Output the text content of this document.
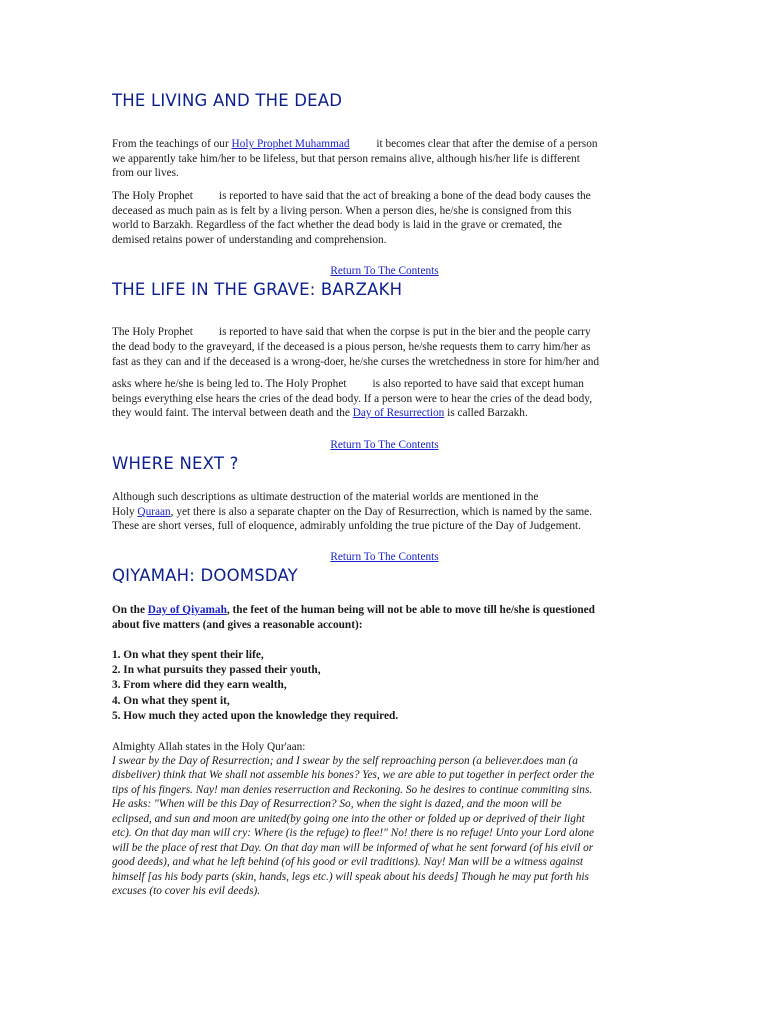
THE LIVING AND THE DEAD

From the teachings of our Holy Prophet Muhammad it becomes clear that after the demise of a person

we apparently take him/her to be lifeless, but that person remains alive, although his/her life is different

from our lives.

The Holy Prophet is reported to have said that the act of breaking a bone of the dead body causes the

deceased as much pain as is felt by a living person. When a person dies, he/she is consigned from this

world to Barzakh. Regardless of the fact whether the dead body is laid in the grave or cremated, the

demised retains power of understanding and comprehension.

Return To The Contents
THE LIFE IN THE GRAVE: BARZAKH

The Holy Prophet is reported to have said that when the corpse is put in the bier and the people carry

the dead body to the graveyard, if the deceased is a pious person, he/she requests them to carry him/her as

fast as they can and if the deceased is a wrong-doer, he/she curses the wretchedness in store for him/her and

asks where he/she is being led to. The Holy Prophet is also reported to have said that except human

beings everything else hears the cries of the dead body. If a person were to hear the cries of the dead body,

they would faint. The interval between death and the Day of Resurrection is called Barzakh.

Return To The Contents
WHERE NEXT ?

Although such descriptions as ultimate destruction of the material worlds are mentioned in the

Holy Quraan, yet there is also a separate chapter on the Day of Resurrection, which is named by the same.

These are short verses, full of eloquence, admirably unfolding the true picture of the Day of Judgement.

Return To The Contents
QIYAMAH: DOOMSDAY

On the Day of Qiyamah, the feet of the human being will not be able to move till he/she is questioned

about five matters (and gives a reasonable account):

1. On what they spent their life,
2. In what pursuits they passed their youth,
3. From where did they earn wealth,
4. On what they spent it,
5. How much they acted upon the knowledge they required.

Almighty Allah states in the Holy Qur'aan:

I swear by the Day of Resurrection; and I swear by the self reproaching person (a believer.does man (a

disbeliver) think that We shall not assemble his bones? Yes, we are able to put together in perfect order the

tips of his fingers. Nay! man denies reserruction and Reckoning. So he desires to continue commiting sins.

He asks: "When will be this Day of Resurrection? So, when the sight is dazed, and the moon will be

eclipsed, and sun and moon are united(by going one into the other or folded up or deprived of their light

etc). On that day man will cry: Where (is the refuge) to flee!" No! there is no refuge! Unto your Lord alone

will be the place of rest that Day. On that day man will be informed of what he sent forward (of his eivil or

good deeds), and what he left behind (of his good or evil traditions). Nay! Man will be a witness against

himself [as his body parts (skin, hands, legs etc.) will speak about his deeds] Though he may put forth his

excuses (to cover his evil deeds).
